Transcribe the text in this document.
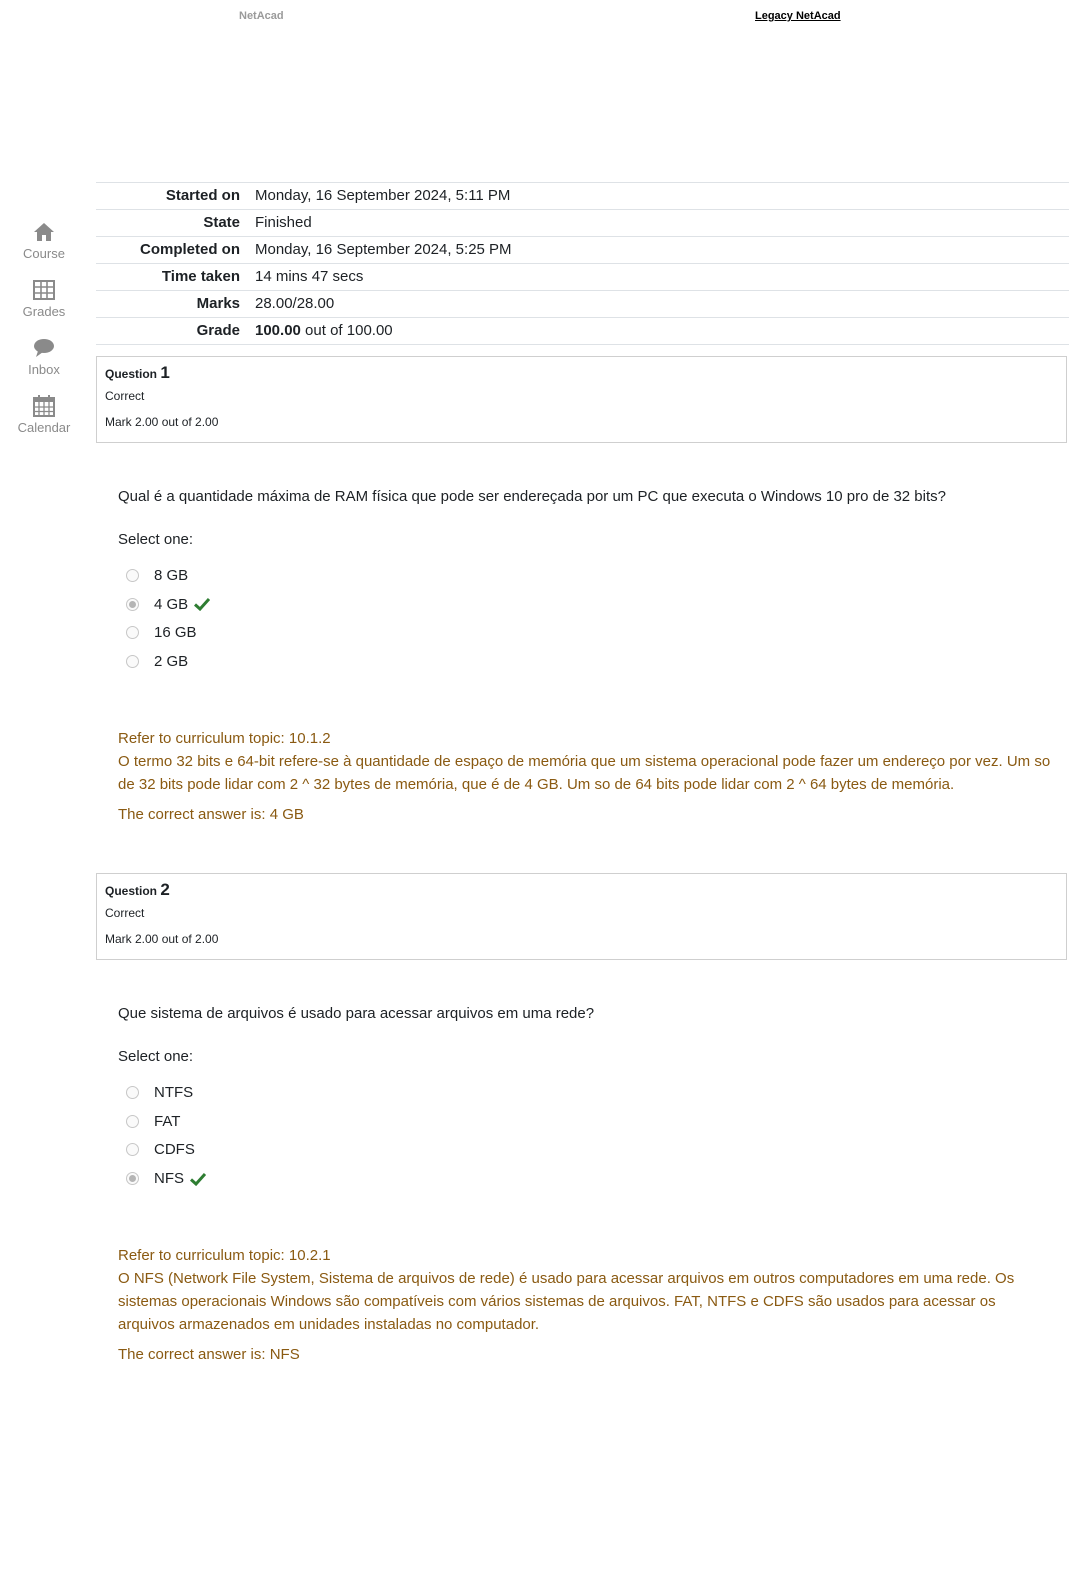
NetAcad	Legacy NetAcad
Course
Grades
Inbox
Calendar
Started on	Monday, 16 September 2024, 5:11 PM
State	Finished
Completed on	Monday, 16 September 2024, 5:25 PM
Time taken	14 mins 47 secs
Marks	28.00/28.00
Grade	100.00 out of 100.00
Question 1
Correct
Mark 2.00 out of 2.00
Qual é a quantidade máxima de RAM física que pode ser endereçada por um PC que executa o Windows 10 pro de 32 bits?
Select one:
8 GB
4 GB
16 GB
2 GB
Refer to curriculum topic: 10.1.2
O termo 32 bits e 64-bit refere-se à quantidade de espaço de memória que um sistema operacional pode fazer um endereço por vez. Um so de 32 bits pode lidar com 2 ^ 32 bytes de memória, que é de 4 GB. Um so de 64 bits pode lidar com 2 ^ 64 bytes de memória.
The correct answer is: 4 GB
Question 2
Correct
Mark 2.00 out of 2.00
Que sistema de arquivos é usado para acessar arquivos em uma rede?
Select one:
NTFS
FAT
CDFS
NFS
Refer to curriculum topic: 10.2.1
O NFS (Network File System, Sistema de arquivos de rede) é usado para acessar arquivos em outros computadores em uma rede. Os sistemas operacionais Windows são compatíveis com vários sistemas de arquivos. FAT, NTFS e CDFS são usados para acessar os arquivos armazenados em unidades instaladas no computador.
The correct answer is: NFS
